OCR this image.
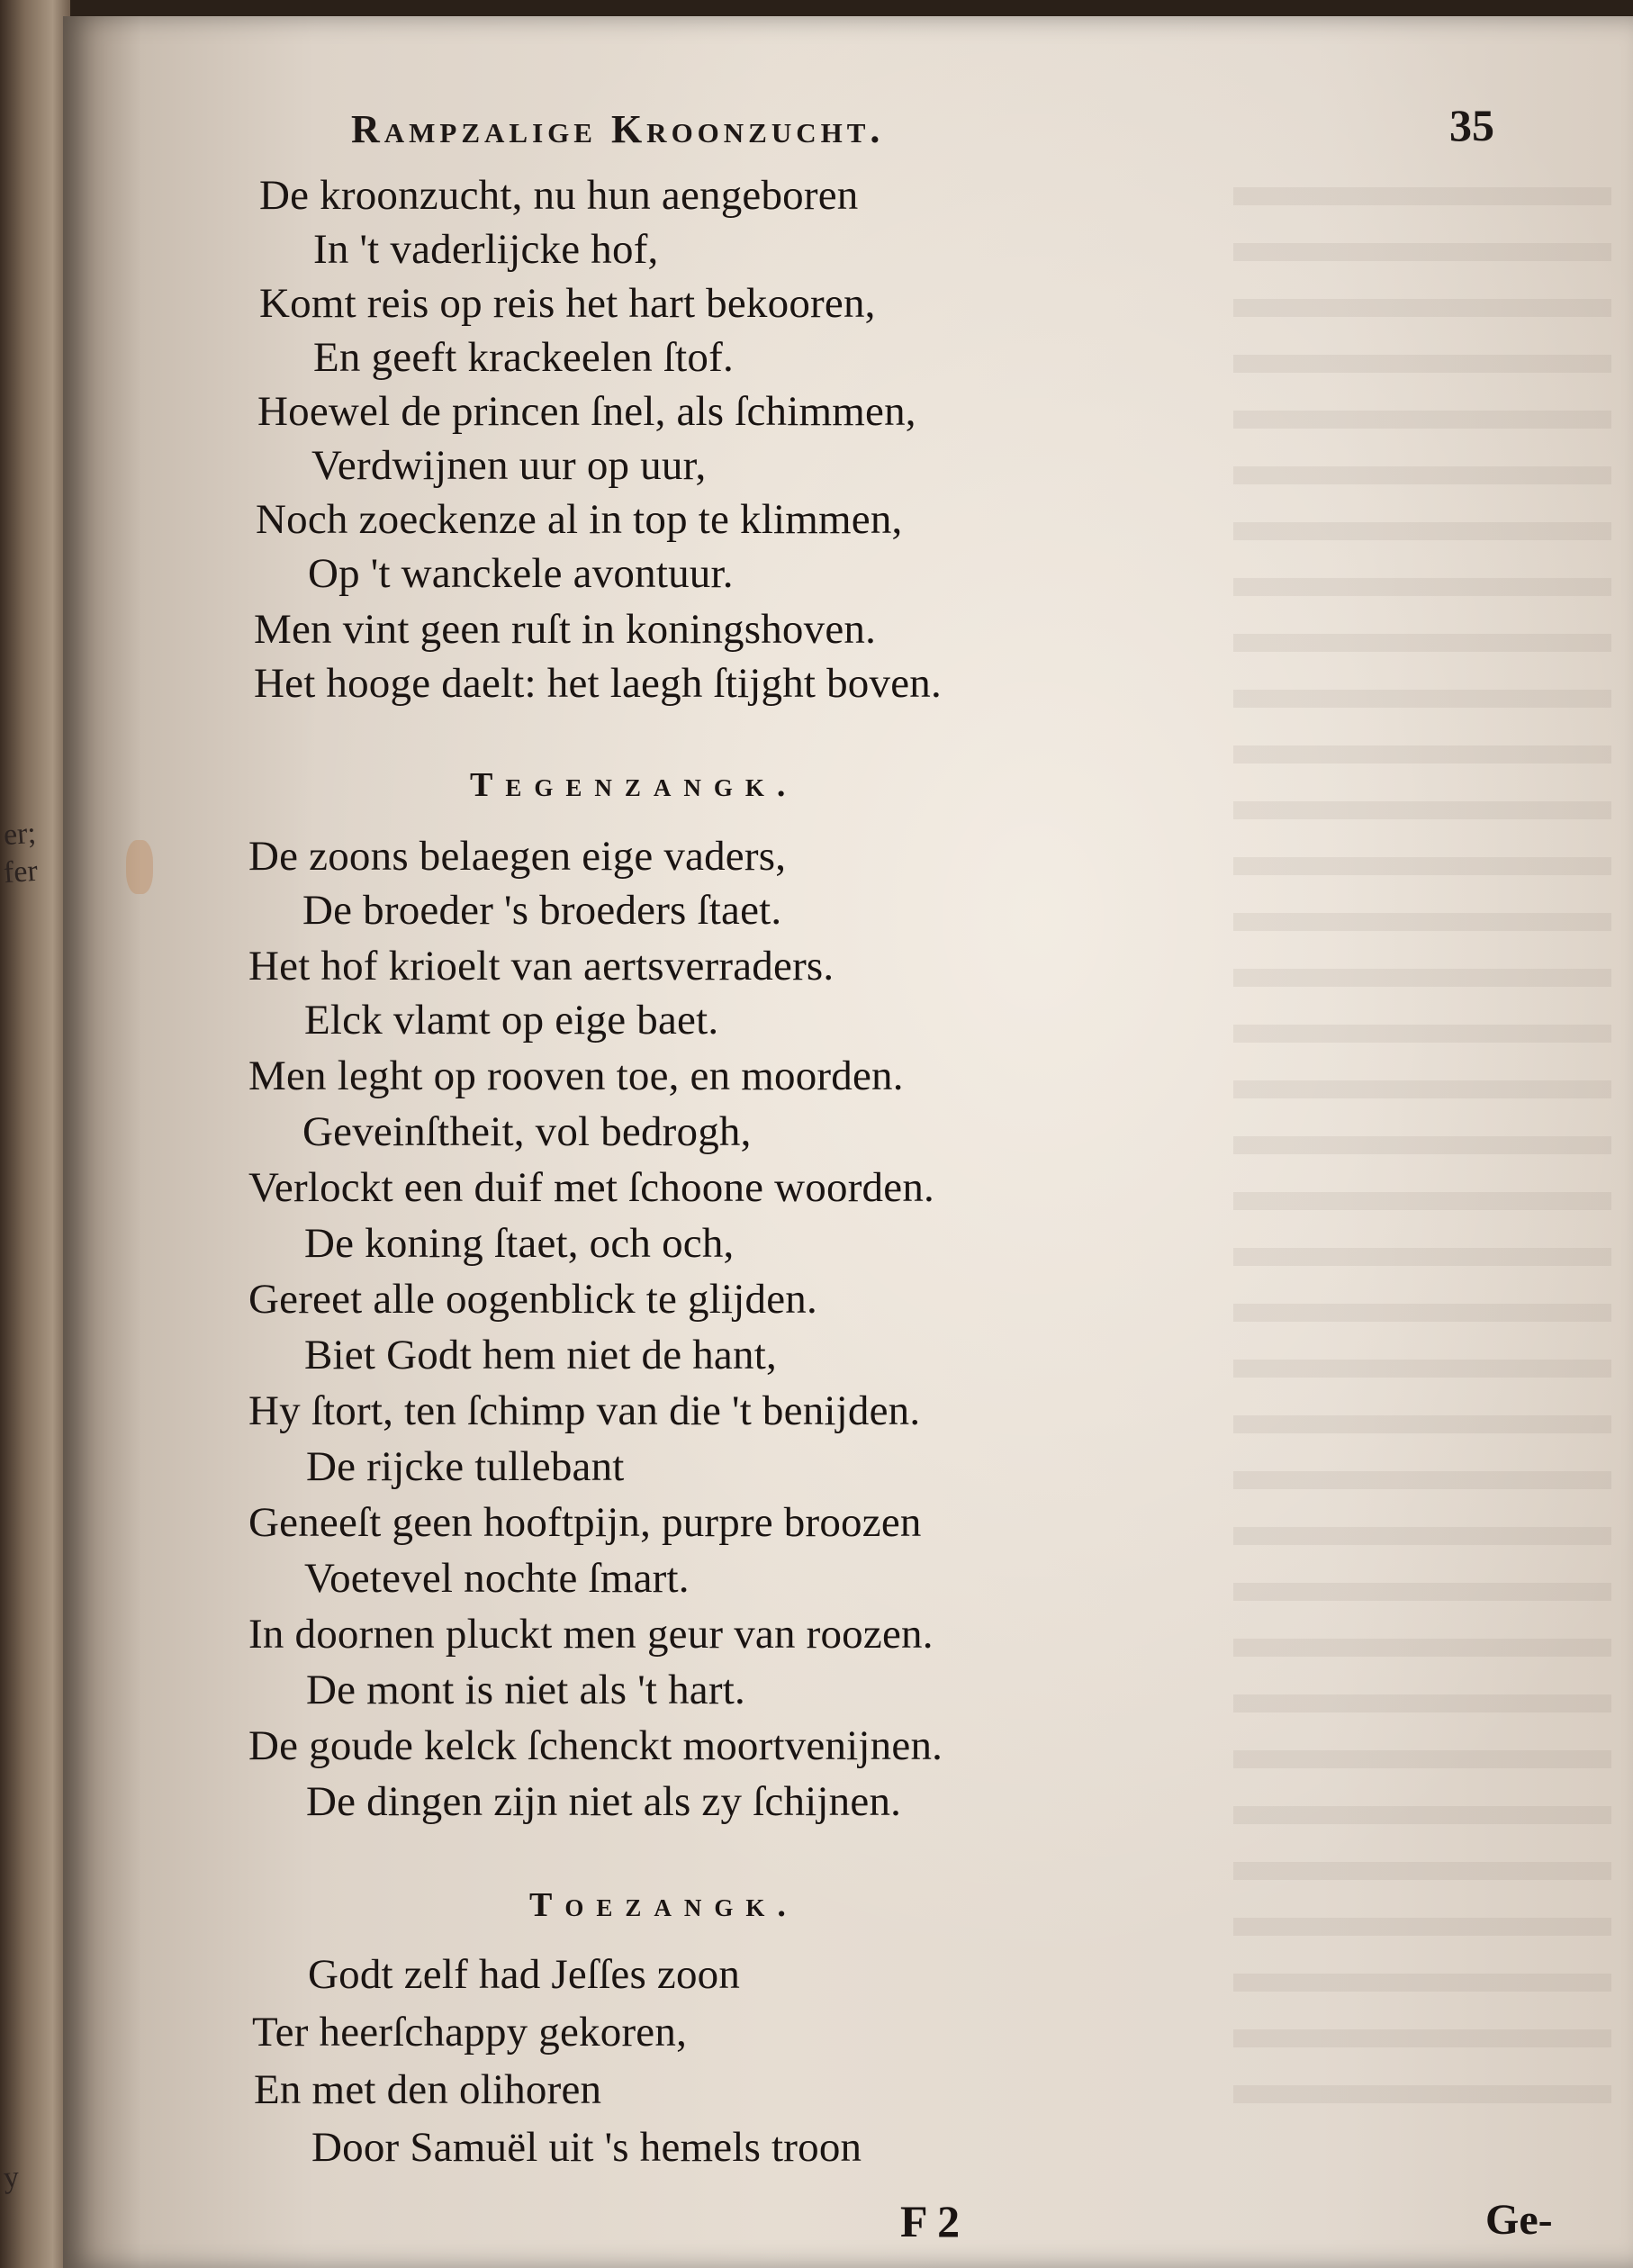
er;
fer
y
Rampzalige Kroonzucht.	35
De kroonzucht, nu hun aengeboren
In 't vaderlijcke hof,
Komt reis op reis het hart bekooren,
En geeft krackeelen ſtof.
Hoewel de princen ſnel, als ſchimmen,
Verdwijnen uur op uur,
Noch zoeckenze al in top te klimmen,
Op 't wanckele avontuur.
Men vint geen ruſt in koningshoven.
Het hooge daelt: het laegh ſtijght boven.
Tegenzangk.
De zoons belaegen eige vaders,
De broeder 's broeders ſtaet.
Het hof krioelt van aertsverraders.
Elck vlamt op eige baet.
Men leght op rooven toe, en moorden.
Geveinſtheit, vol bedrogh,
Verlockt een duif met ſchoone woorden.
De koning ſtaet, och och,
Gereet alle oogenblick te glijden.
Biet Godt hem niet de hant,
Hy ſtort, ten ſchimp van die 't benijden.
De rijcke tullebant
Geneeſt geen hooftpijn, purpre broozen
Voetevel nochte ſmart.
In doornen pluckt men geur van roozen.
De mont is niet als 't hart.
De goude kelck ſchenckt moortvenijnen.
De dingen zijn niet als zy ſchijnen.
Toezangk.
Godt zelf had Jeſſes zoon
Ter heerſchappy gekoren,
En met den olihoren
Door Samuël uit 's hemels troon
F 2	Ge-
